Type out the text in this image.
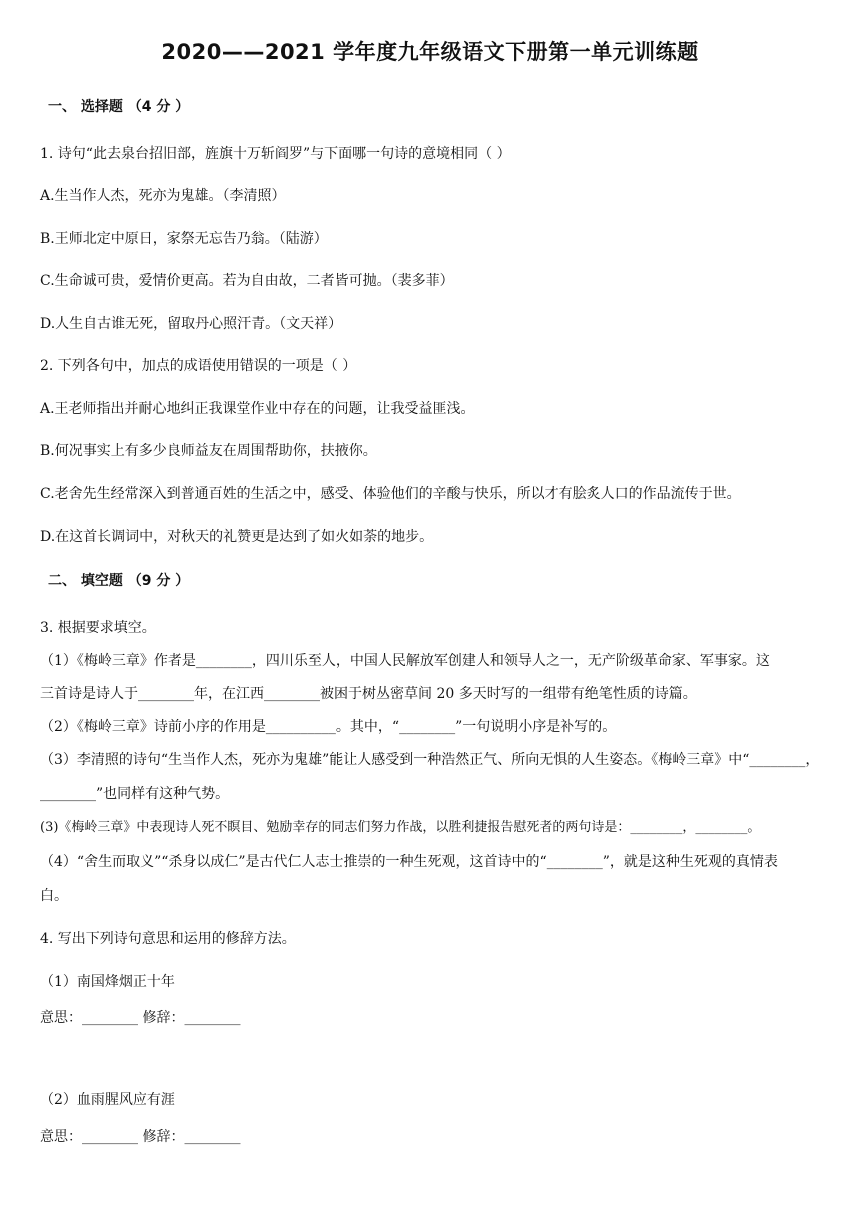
2020——2021 学年度九年级语文下册第一单元训练题
一、 选择题 （4 分 ）
1. 诗句“此去泉台招旧部，旌旗十万斩阎罗”与下面哪一句诗的意境相同（ ）
A.生当作人杰，死亦为鬼雄。（李清照）
B.王师北定中原日，家祭无忘告乃翁。（陆游）
C.生命诚可贵，爱情价更高。若为自由故，二者皆可抛。（裴多菲）
D.人生自古谁无死，留取丹心照汗青。（文天祥）
2. 下列各句中，加点的成语使用错误的一项是（ ）
A.王老师指出并耐心地纠正我课堂作业中存在的问题，让我受益匪浅。
B.何况事实上有多少良师益友在周围帮助你，扶掖你。
C.老舍先生经常深入到普通百姓的生活之中，感受、体验他们的辛酸与快乐，所以才有脍炙人口的作品流传于世。
D.在这首长调词中，对秋天的礼赞更是达到了如火如荼的地步。
二、 填空题 （9 分 ）
3. 根据要求填空。
（1）《梅岭三章》作者是________，四川乐至人，中国人民解放军创建人和领导人之一，无产阶级革命家、军事家。这
三首诗是诗人于________年，在江西________被困于树丛密草间 20 多天时写的一组带有绝笔性质的诗篇。
（2）《梅岭三章》诗前小序的作用是__________。其中，“________”一句说明小序是补写的。
（3）李清照的诗句“生当作人杰，死亦为鬼雄”能让人感受到一种浩然正气、所向无惧的人生姿态。《梅岭三章》中“________，
________”也同样有这种气势。
(3)《梅岭三章》中表现诗人死不瞑目、勉励幸存的同志们努力作战，以胜利捷报告慰死者的两句诗是：________，________。
（4）“舍生而取义”“杀身以成仁”是古代仁人志士推崇的一种生死观，这首诗中的“________”，就是这种生死观的真情表
白。
4. 写出下列诗句意思和运用的修辞方法。
（1）南国烽烟正十年
意思：________ 修辞：________
（2）血雨腥风应有涯
意思：________ 修辞：________
